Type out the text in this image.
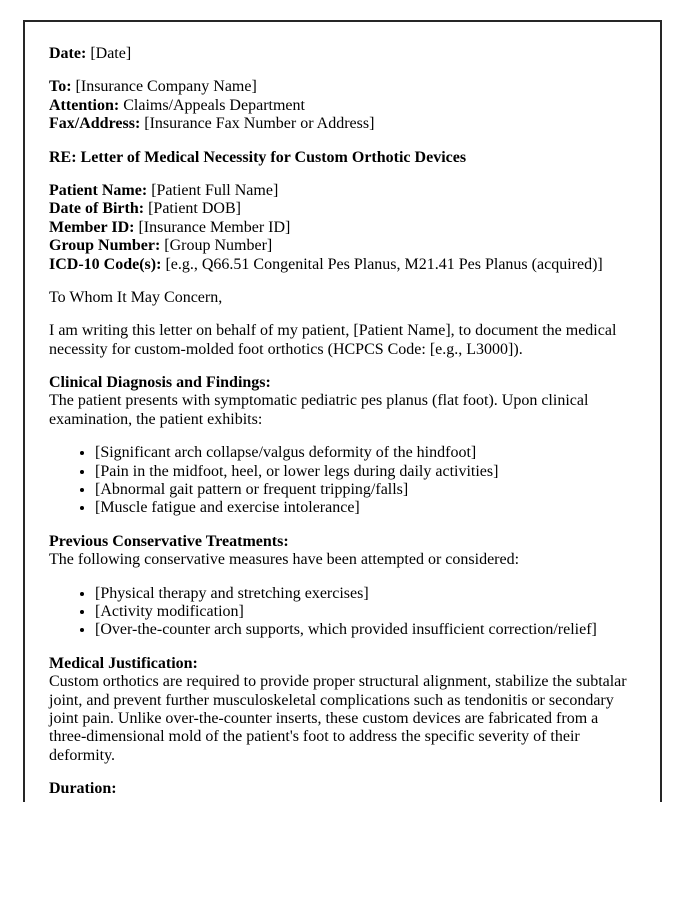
Date: [Date]

To: [Insurance Company Name]
Attention: Claims/Appeals Department
Fax/Address: [Insurance Fax Number or Address]

RE: Letter of Medical Necessity for Custom Orthotic Devices

Patient Name: [Patient Full Name]
Date of Birth: [Patient DOB]
Member ID: [Insurance Member ID]
Group Number: [Group Number]
ICD-10 Code(s): [e.g., Q66.51 Congenital Pes Planus, M21.41 Pes Planus (acquired)]

To Whom It May Concern,

I am writing this letter on behalf of my patient, [Patient Name], to document the medical necessity for custom-molded foot orthotics (HCPCS Code: [e.g., L3000]).

Clinical Diagnosis and Findings:
The patient presents with symptomatic pediatric pes planus (flat foot). Upon clinical examination, the patient exhibits:

• [Significant arch collapse/valgus deformity of the hindfoot]
• [Pain in the midfoot, heel, or lower legs during daily activities]
• [Abnormal gait pattern or frequent tripping/falls]
• [Muscle fatigue and exercise intolerance]

Previous Conservative Treatments:
The following conservative measures have been attempted or considered:

• [Physical therapy and stretching exercises]
• [Activity modification]
• [Over-the-counter arch supports, which provided insufficient correction/relief]

Medical Justification:
Custom orthotics are required to provide proper structural alignment, stabilize the subtalar joint, and prevent further musculoskeletal complications such as tendonitis or secondary joint pain. Unlike over-the-counter inserts, these custom devices are fabricated from a three-dimensional mold of the patient's foot to address the specific severity of their deformity.

Duration:
